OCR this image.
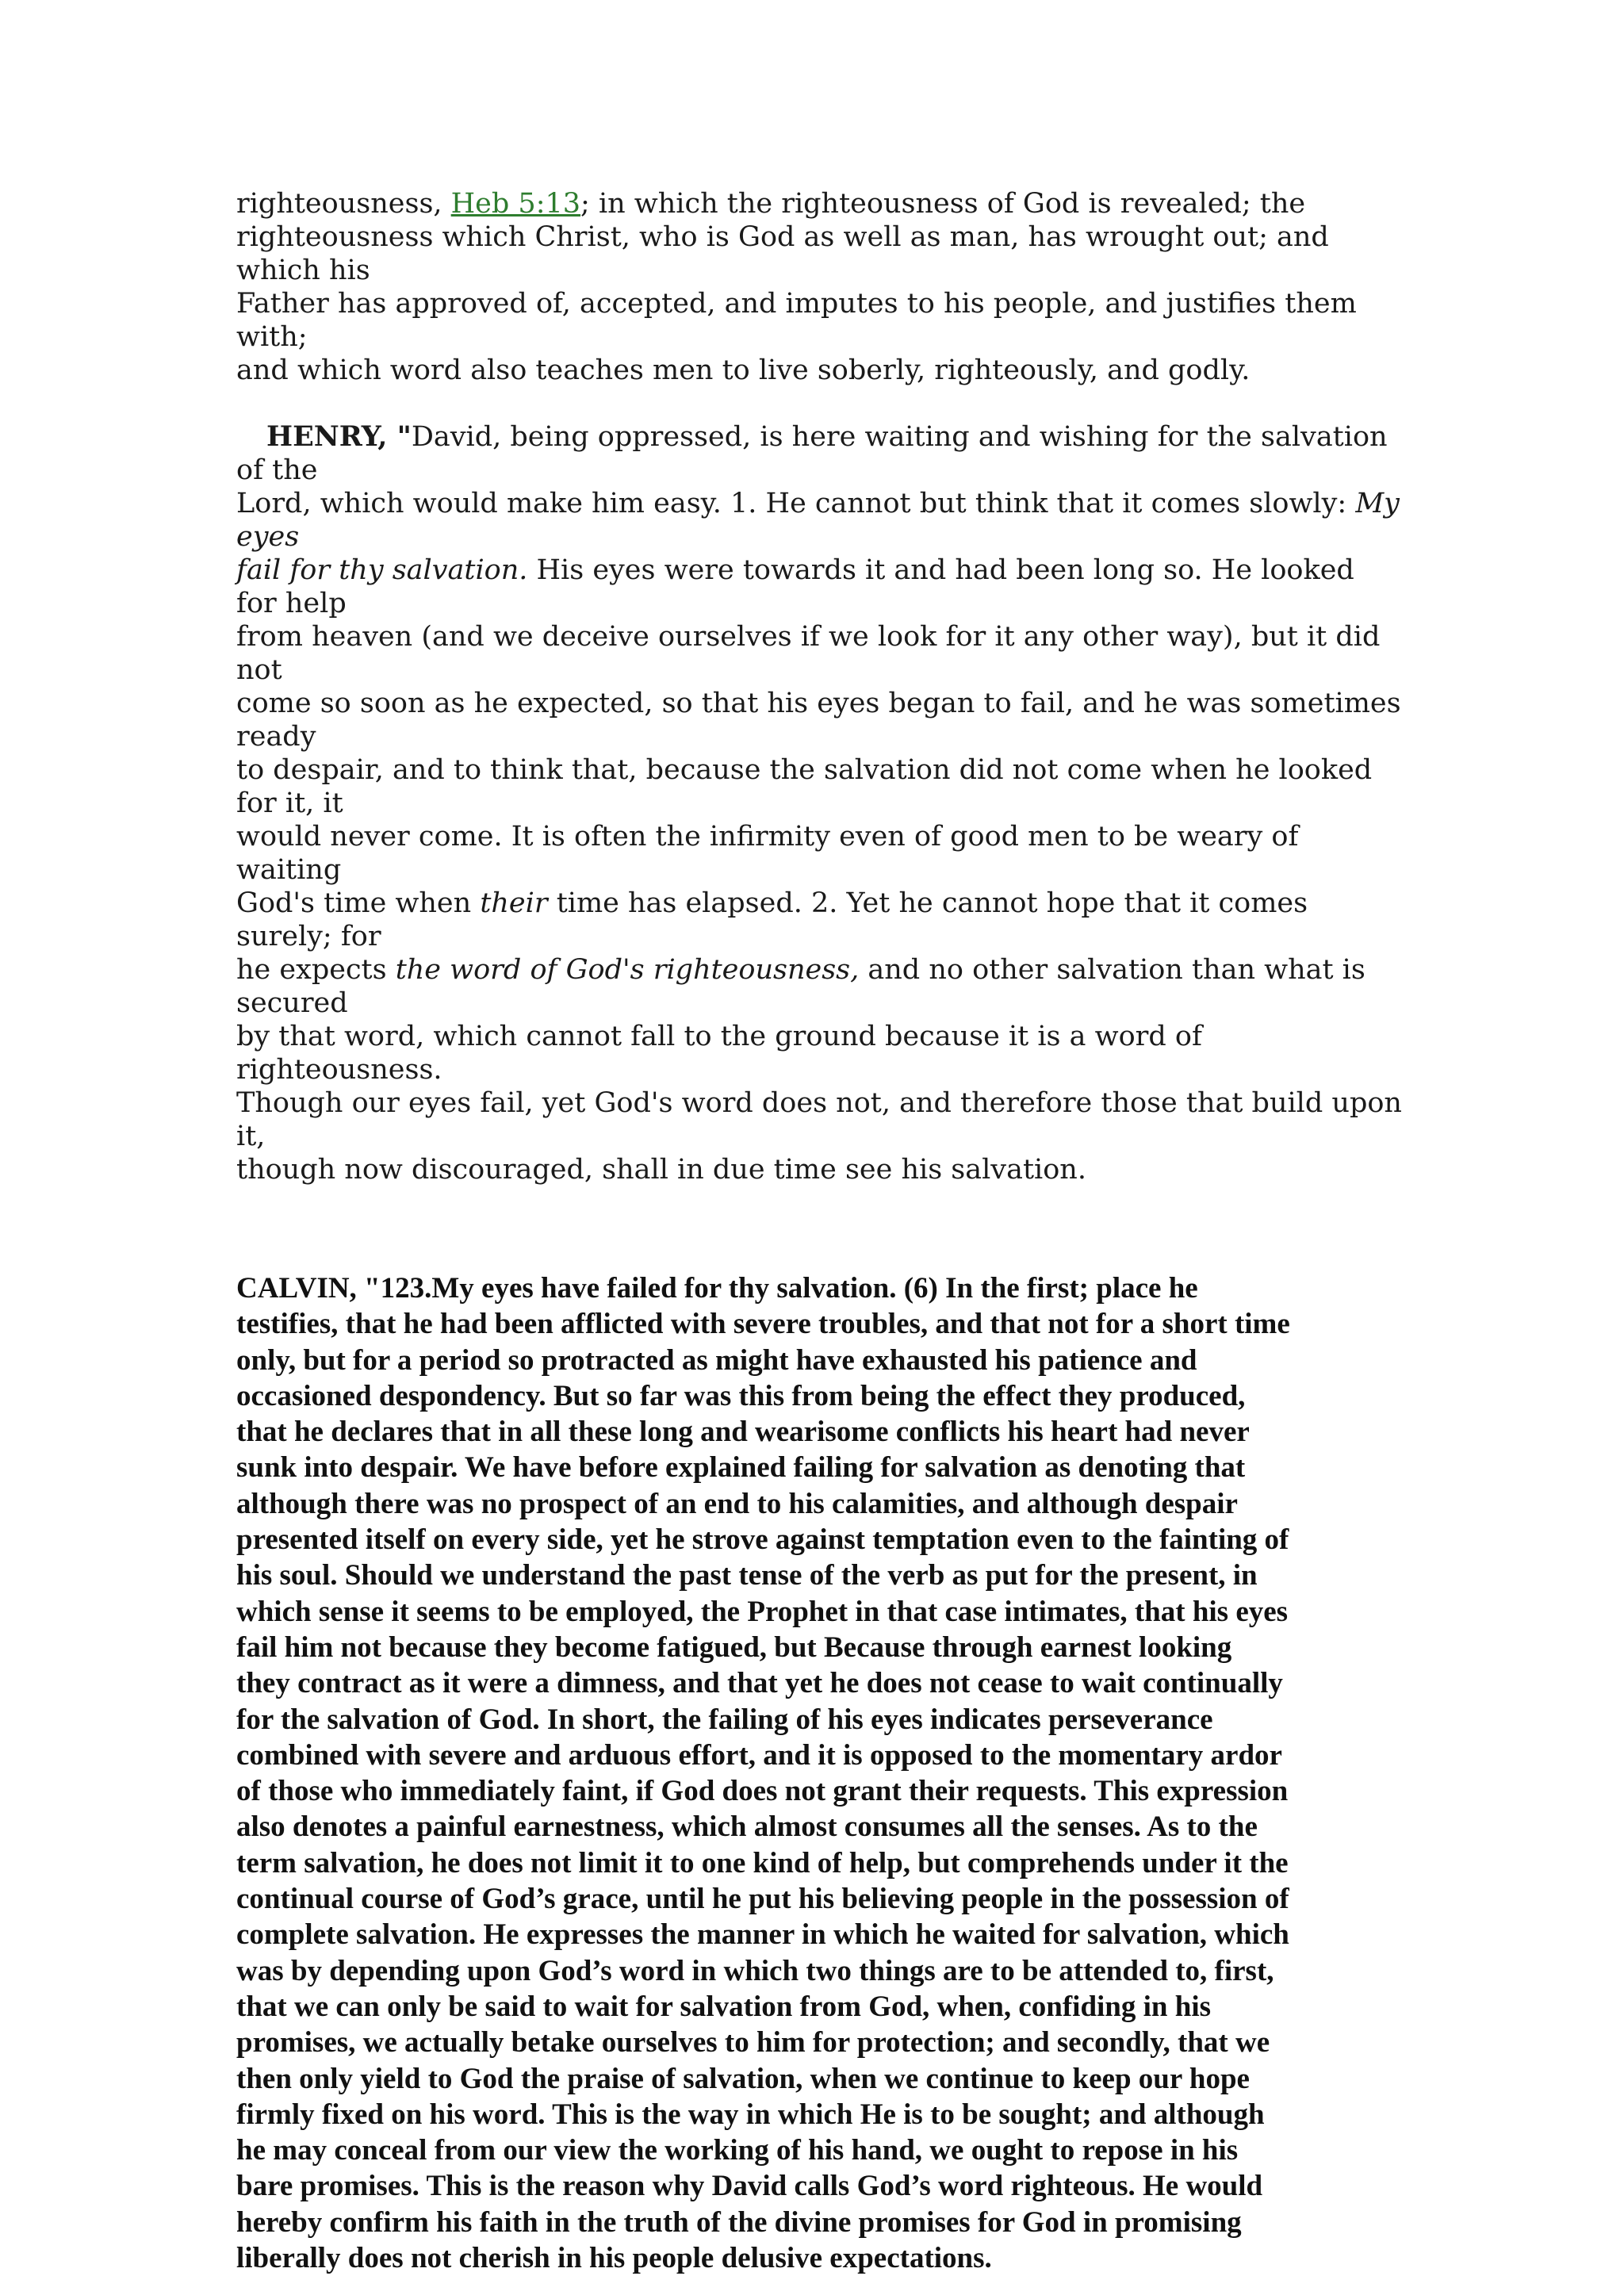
righteousness, Heb 5:13; in which the righteousness of God is revealed; the
righteousness which Christ, who is God as well as man, has wrought out; and which his
Father has approved of, accepted, and imputes to his people, and justifies them with;
and which word also teaches men to live soberly, righteously, and godly.

HENRY, "David, being oppressed, is here waiting and wishing for the salvation of the
Lord, which would make him easy. 1. He cannot but think that it comes slowly: My eyes
fail for thy salvation. His eyes were towards it and had been long so. He looked for help
from heaven (and we deceive ourselves if we look for it any other way), but it did not
come so soon as he expected, so that his eyes began to fail, and he was sometimes ready
to despair, and to think that, because the salvation did not come when he looked for it, it
would never come. It is often the infirmity even of good men to be weary of waiting
God's time when their time has elapsed. 2. Yet he cannot hope that it comes surely; for
he expects the word of God's righteousness, and no other salvation than what is secured
by that word, which cannot fall to the ground because it is a word of righteousness.
Though our eyes fail, yet God's word does not, and therefore those that build upon it,
though now discouraged, shall in due time see his salvation.

CALVIN, "123.My eyes have failed for thy salvation. (6) In the first; place he
testifies, that he had been afflicted with severe troubles, and that not for a short time
only, but for a period so protracted as might have exhausted his patience and
occasioned despondency. But so far was this from being the effect they produced,
that he declares that in all these long and wearisome conflicts his heart had never
sunk into despair. We have before explained failing for salvation as denoting that
although there was no prospect of an end to his calamities, and although despair
presented itself on every side, yet he strove against temptation even to the fainting of
his soul. Should we understand the past tense of the verb as put for the present, in
which sense it seems to be employed, the Prophet in that case intimates, that his eyes
fail him not because they become fatigued, but Because through earnest looking
they contract as it were a dimness, and that yet he does not cease to wait continually
for the salvation of God. In short, the failing of his eyes indicates perseverance
combined with severe and arduous effort, and it is opposed to the momentary ardor
of those who immediately faint, if God does not grant their requests. This expression
also denotes a painful earnestness, which almost consumes all the senses. As to the
term salvation, he does not limit it to one kind of help, but comprehends under it the
continual course of God’s grace, until he put his believing people in the possession of
complete salvation. He expresses the manner in which he waited for salvation, which
was by depending upon God’s word in which two things are to be attended to, first,
that we can only be said to wait for salvation from God, when, confiding in his
promises, we actually betake ourselves to him for protection; and secondly, that we
then only yield to God the praise of salvation, when we continue to keep our hope
firmly fixed on his word. This is the way in which He is to be sought; and although
he may conceal from our view the working of his hand, we ought to repose in his
bare promises. This is the reason why David calls God’s word righteous. He would
hereby confirm his faith in the truth of the divine promises for God in promising
liberally does not cherish in his people delusive expectations.
